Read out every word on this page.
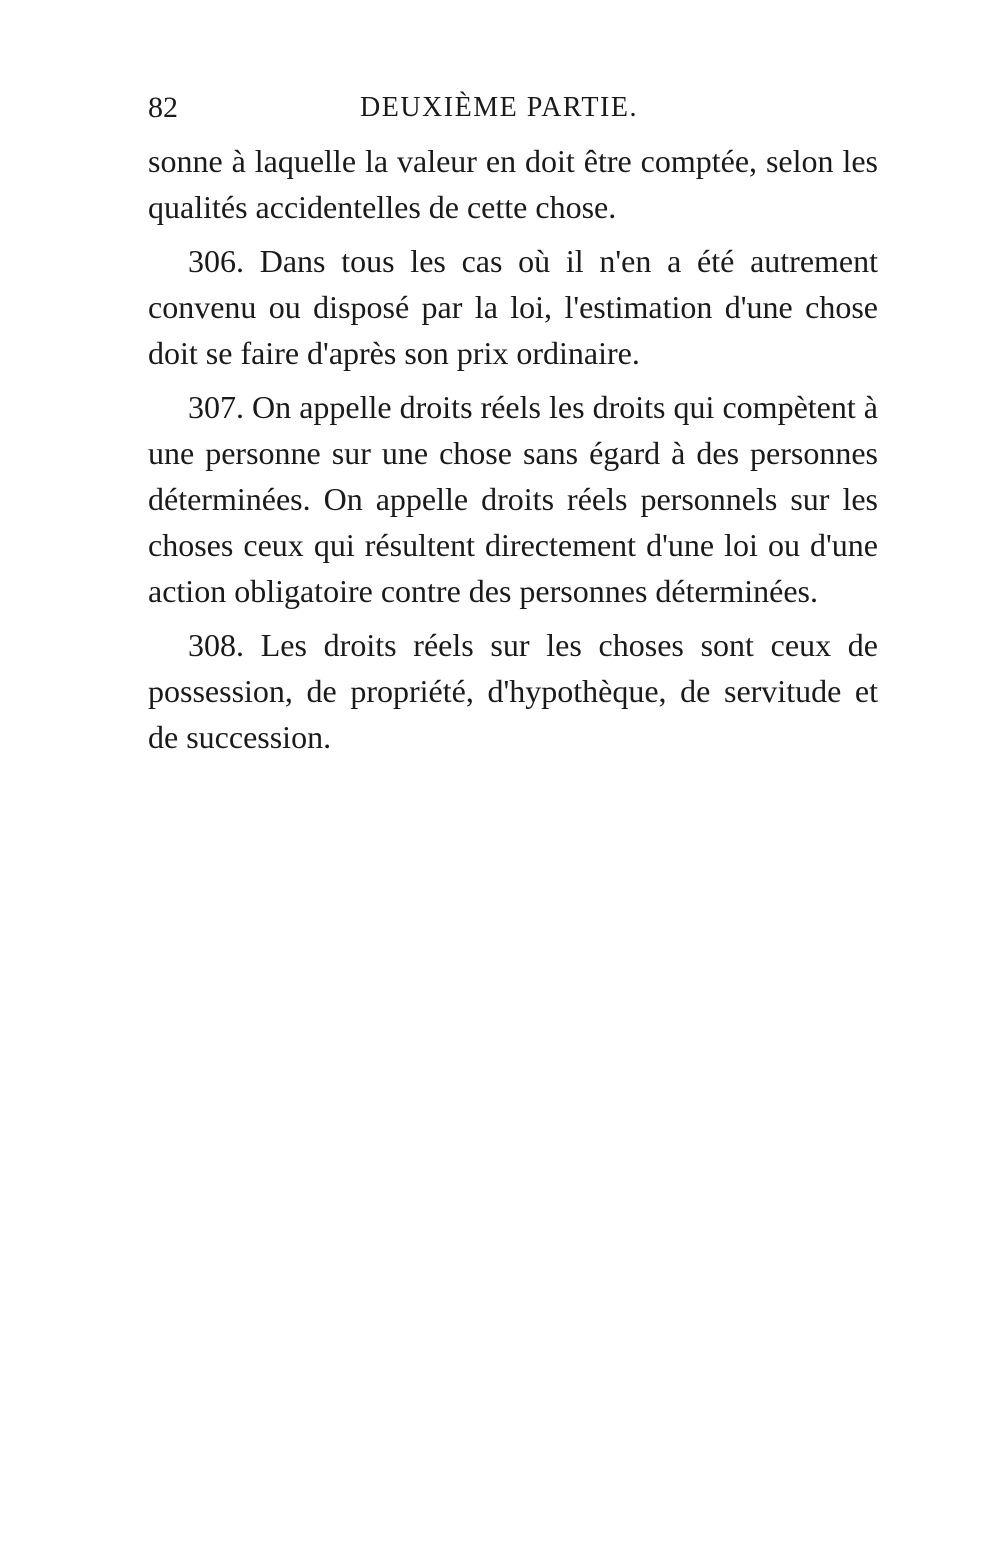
82	DEUXIÈME PARTIE.

sonne à laquelle la valeur en doit être comptée, selon les qualités accidentelles de cette chose.

306. Dans tous les cas où il n'en a été autrement convenu ou disposé par la loi, l'estimation d'une chose doit se faire d'après son prix ordinaire.

307. On appelle droits réels les droits qui compètent à une personne sur une chose sans égard à des personnes déterminées. On appelle droits réels personnels sur les choses ceux qui résultent directement d'une loi ou d'une action obligatoire contre des personnes déterminées.

308. Les droits réels sur les choses sont ceux de possession, de propriété, d'hypothèque, de servitude et de succession.
